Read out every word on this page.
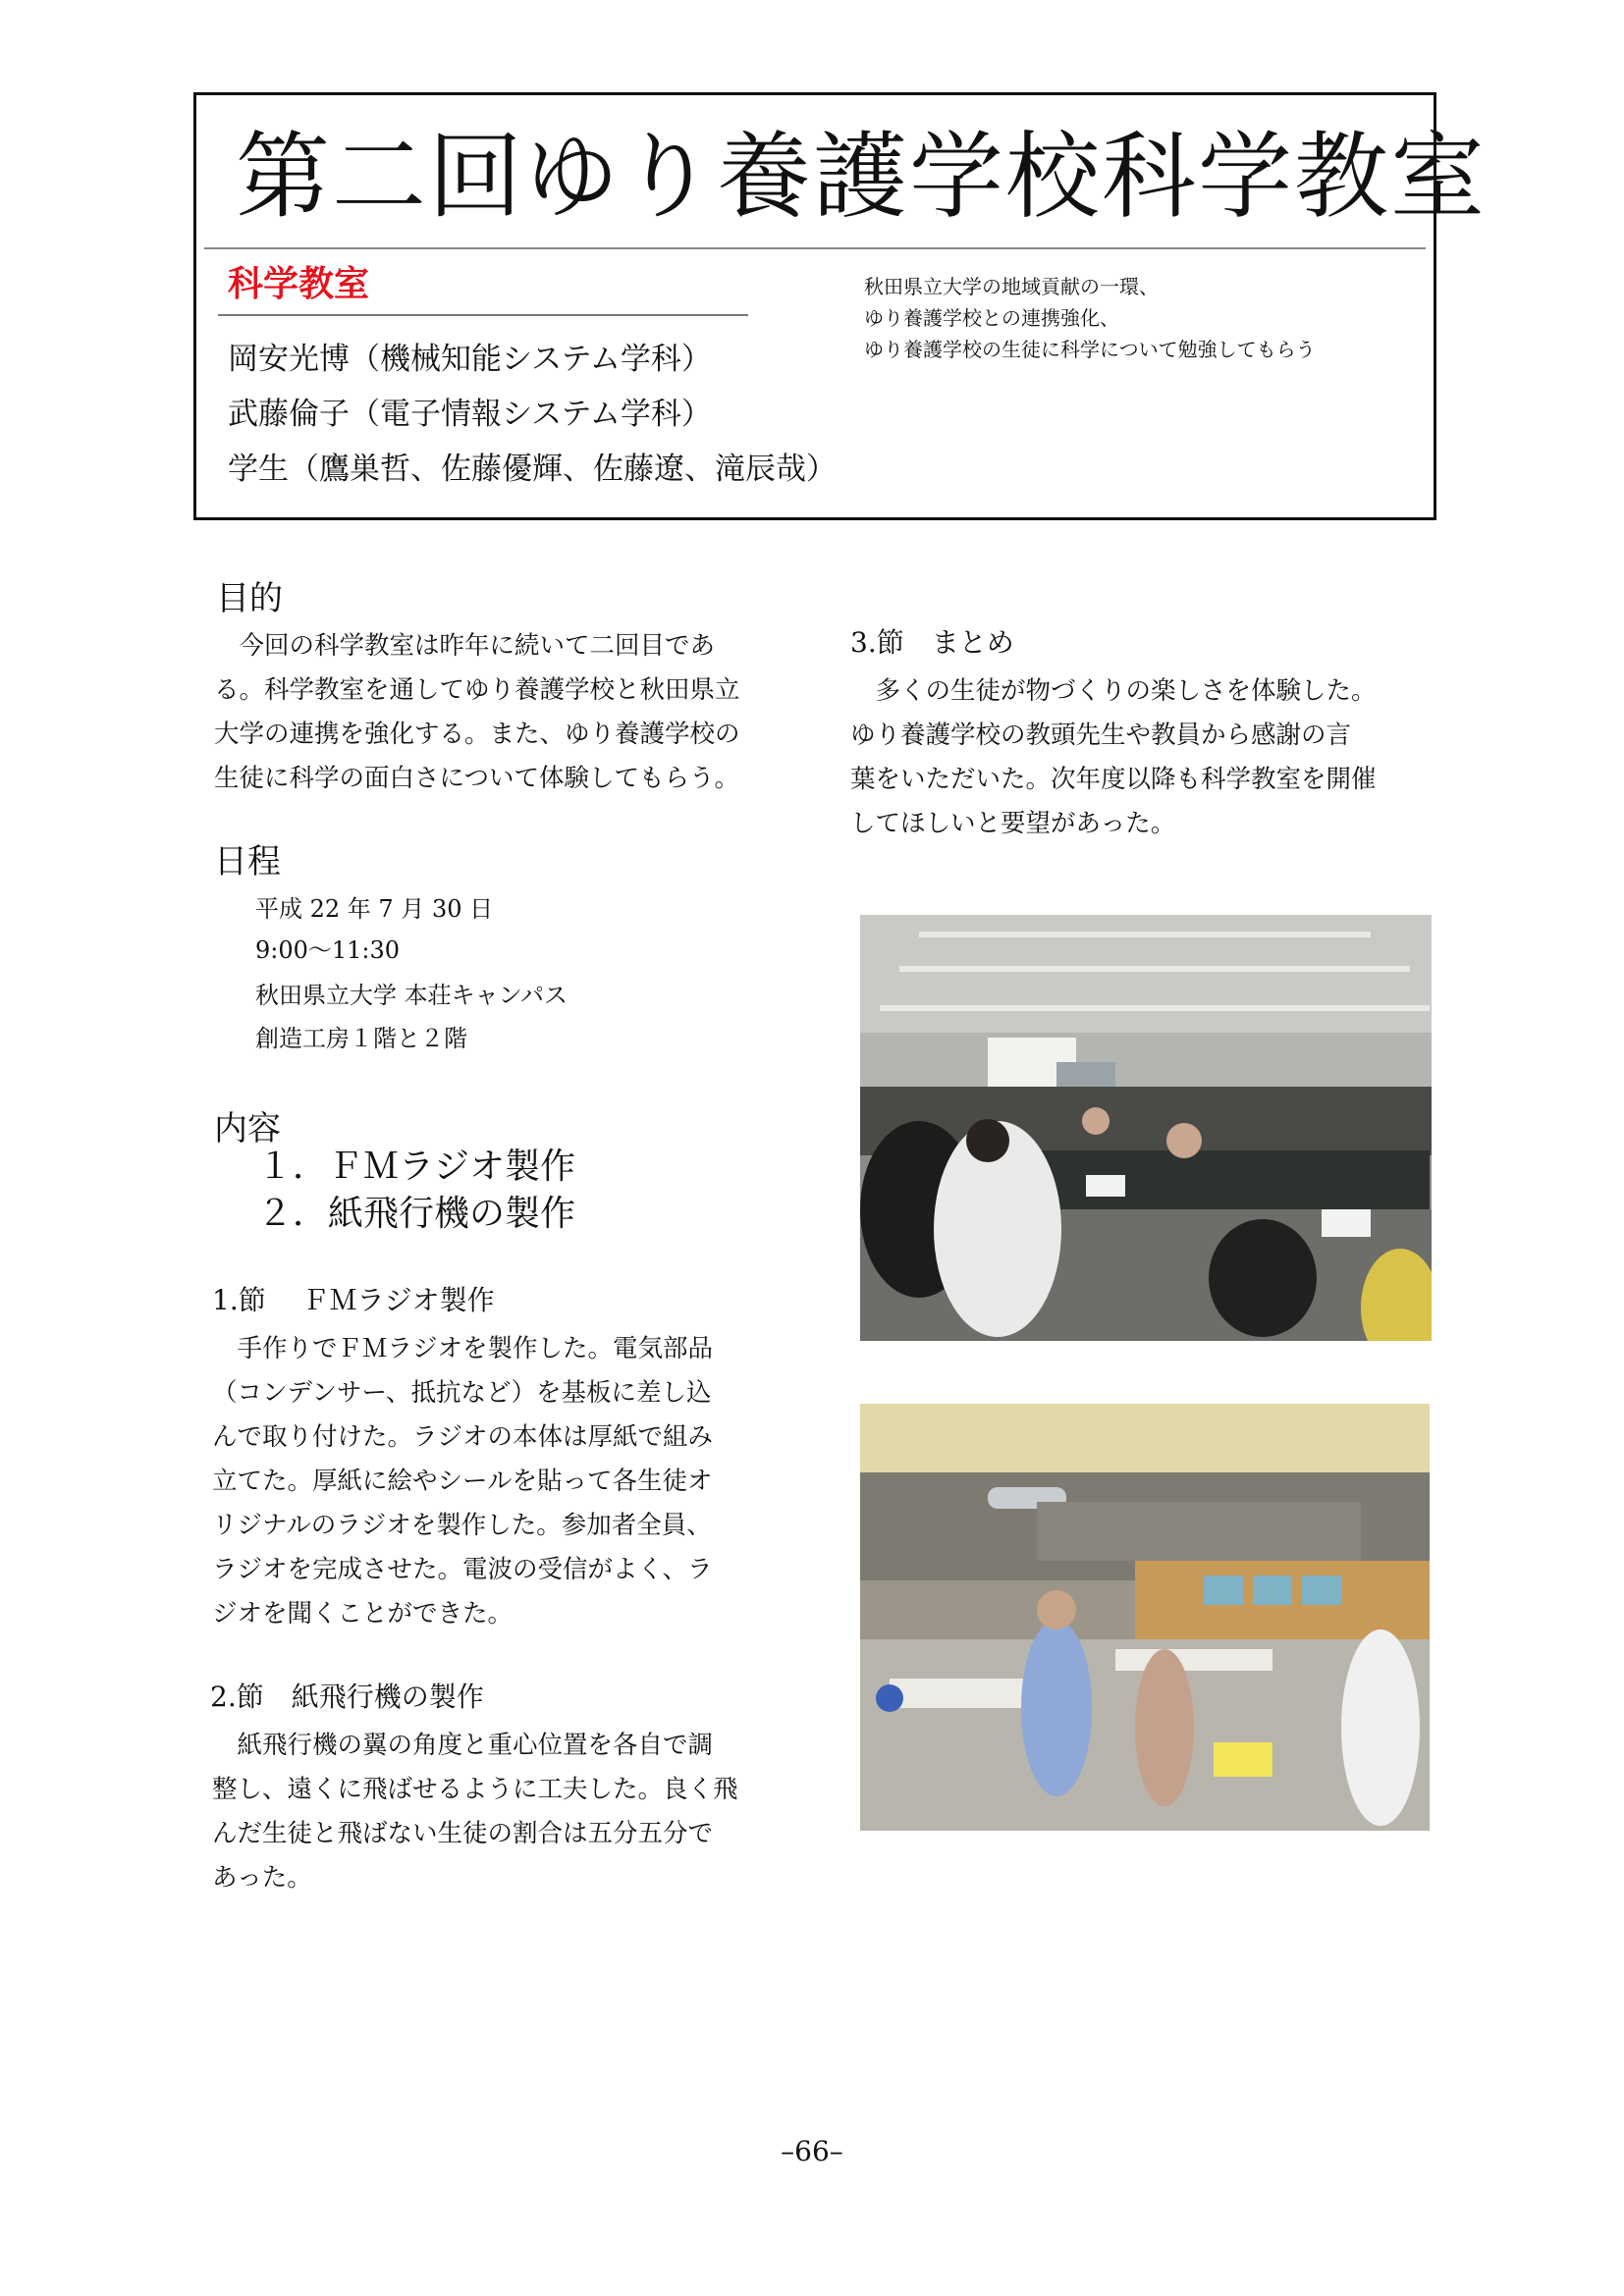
第二回ゆり養護学校科学教室
科学教室
岡安光博（機械知能システム学科）
武藤倫子（電子情報システム学科）
学生（鷹巣哲、佐藤優輝、佐藤遼、滝辰哉）
秋田県立大学の地域貢献の一環、
ゆり養護学校との連携強化、
ゆり養護学校の生徒に科学について勉強してもらう
目的
　今回の科学教室は昨年に続いて二回目であ
る。科学教室を通してゆり養護学校と秋田県立
大学の連携を強化する。また、ゆり養護学校の
生徒に科学の面白さについて体験してもらう。
日程
平成 22 年 7 月 30 日
9:00〜11:30
秋田県立大学 本荘キャンパス
創造工房１階と２階
内容
１．ＦＭラジオ製作
２．紙飛行機の製作
1.節　 ＦＭラジオ製作
　手作りでＦＭラジオを製作した。電気部品
（コンデンサー、抵抗など）を基板に差し込
んで取り付けた。ラジオの本体は厚紙で組み
立てた。厚紙に絵やシールを貼って各生徒オ
リジナルのラジオを製作した。参加者全員、
ラジオを完成させた。電波の受信がよく、ラ
ジオを聞くことができた。
2.節　紙飛行機の製作
　紙飛行機の翼の角度と重心位置を各自で調
整し、遠くに飛ばせるように工夫した。良く飛
んだ生徒と飛ばない生徒の割合は五分五分で
あった。
3.節　まとめ
　多くの生徒が物づくりの楽しさを体験した。
ゆり養護学校の教頭先生や教員から感謝の言
葉をいただいた。次年度以降も科学教室を開催
してほしいと要望があった。
–66–
